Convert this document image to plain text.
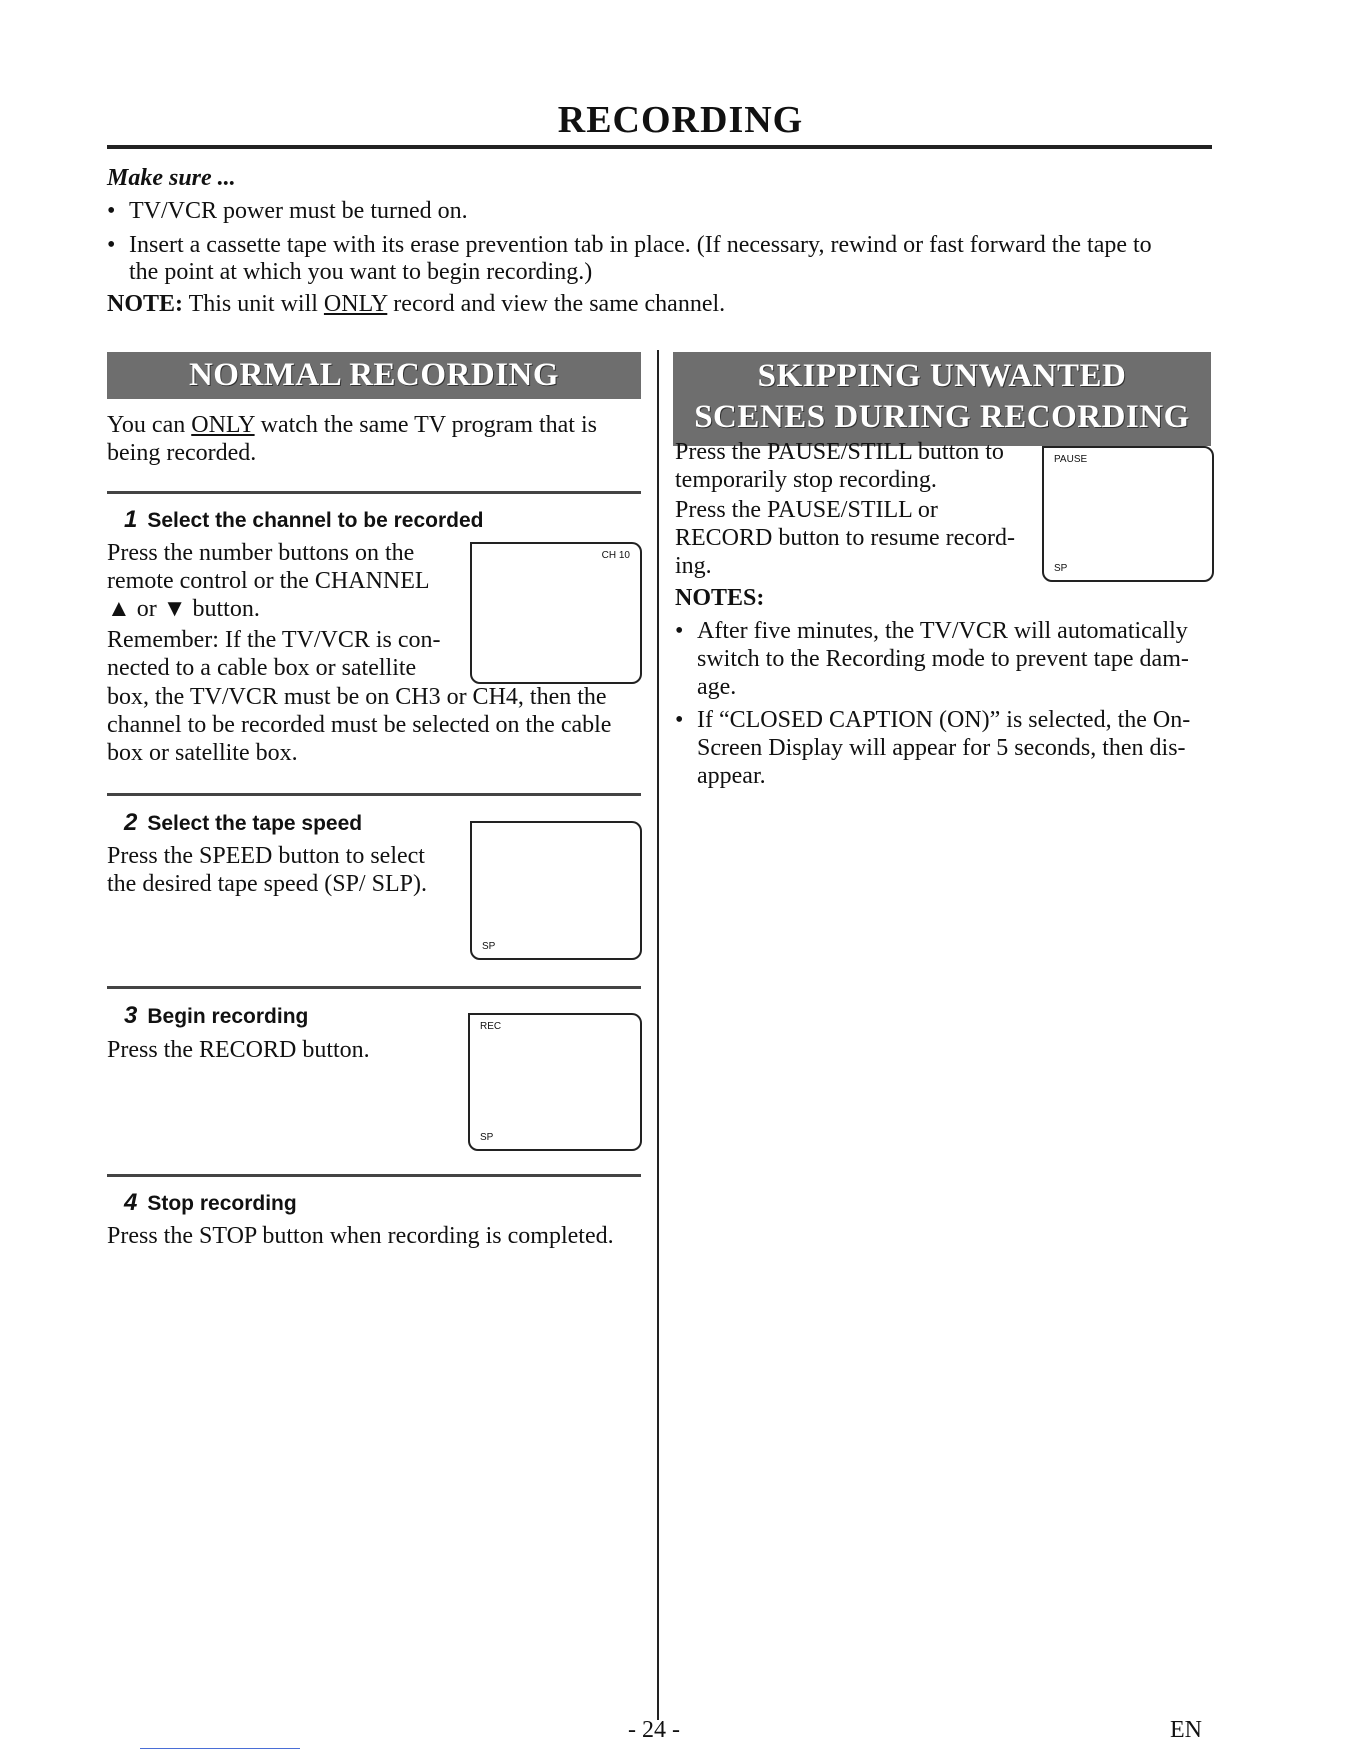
RECORDING
Make sure ...
• TV/VCR power must be turned on.
• Insert a cassette tape with its erase prevention tab in place. (If necessary, rewind or fast forward the tape to
the point at which you want to begin recording.)
NOTE: This unit will ONLY record and view the same channel.
NORMAL RECORDING
You can ONLY watch the same TV program that is
being recorded.
1 Select the channel to be recorded
Press the number buttons on the
remote control or the CHANNEL
▲ or ▼ button.
Remember: If the TV/VCR is con-
nected to a cable box or satellite
box, the TV/VCR must be on CH3 or CH4, then the
channel to be recorded must be selected on the cable
box or satellite box.
CH 10
2 Select the tape speed
Press the SPEED button to select
the desired tape speed (SP/ SLP).
SP
3 Begin recording
Press the RECORD button.
REC
SP
4 Stop recording
Press the STOP button when recording is completed.
SKIPPING UNWANTED
SCENES DURING RECORDING
Press the PAUSE/STILL button to
temporarily stop recording.
Press the PAUSE/STILL or
RECORD button to resume record-
ing.
PAUSE
SP
NOTES:
• After five minutes, the TV/VCR will automatically
switch to the Recording mode to prevent tape dam-
age.
• If “CLOSED CAPTION (ON)” is selected, the On-
Screen Display will appear for 5 seconds, then dis-
appear.
- 24 -	EN
